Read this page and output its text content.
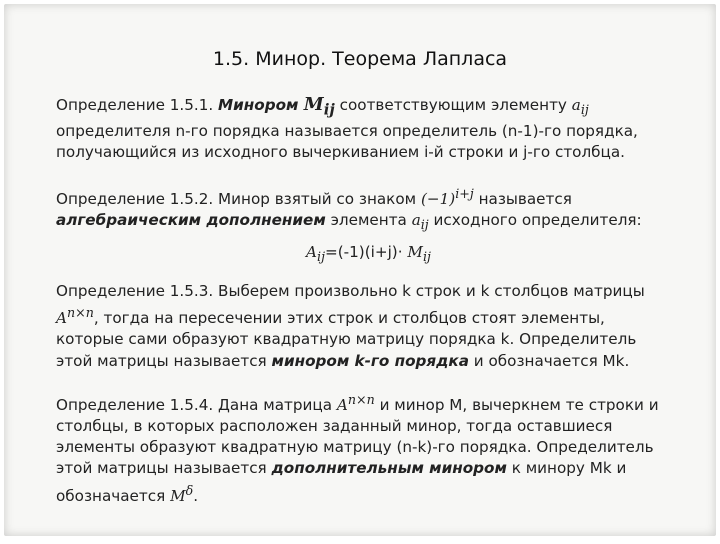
1.5. Минор. Теорема Лапласа

Определение 1.5.1. Минором $M_{ij}$ соответствующим элементу $a_{ij}$ определителя n-го порядка называется определитель (n-1)-го порядка, получающийся из исходного вычеркиванием i-й строки и j-го столбца.

Определение 1.5.2. Минор взятый со знаком $(-1)^{i+j}$ называется алгебраическим дополнением элемента $a_{ij}$ исходного определителя:

$A_{ij}=(-1)(i+j)\cdot M_{ij}$

Определение 1.5.3. Выберем произвольно k строк и k столбцов матрицы $A^{n\times n}$, тогда на пересечении этих строк и столбцов стоят элементы, которые сами образуют квадратную матрицу порядка k. Определитель этой матрицы называется минором k-го порядка и обозначается Mk.

Определение 1.5.4. Дана матрица $A^{n\times n}$ и минор M, вычеркнем те строки и столбцы, в которых расположен заданный минор, тогда оставшиеся элементы образуют квадратную матрицу (n-k)-го порядка. Определитель этой матрицы называется дополнительным минором к минору Mk и обозначается $M^\delta$.
